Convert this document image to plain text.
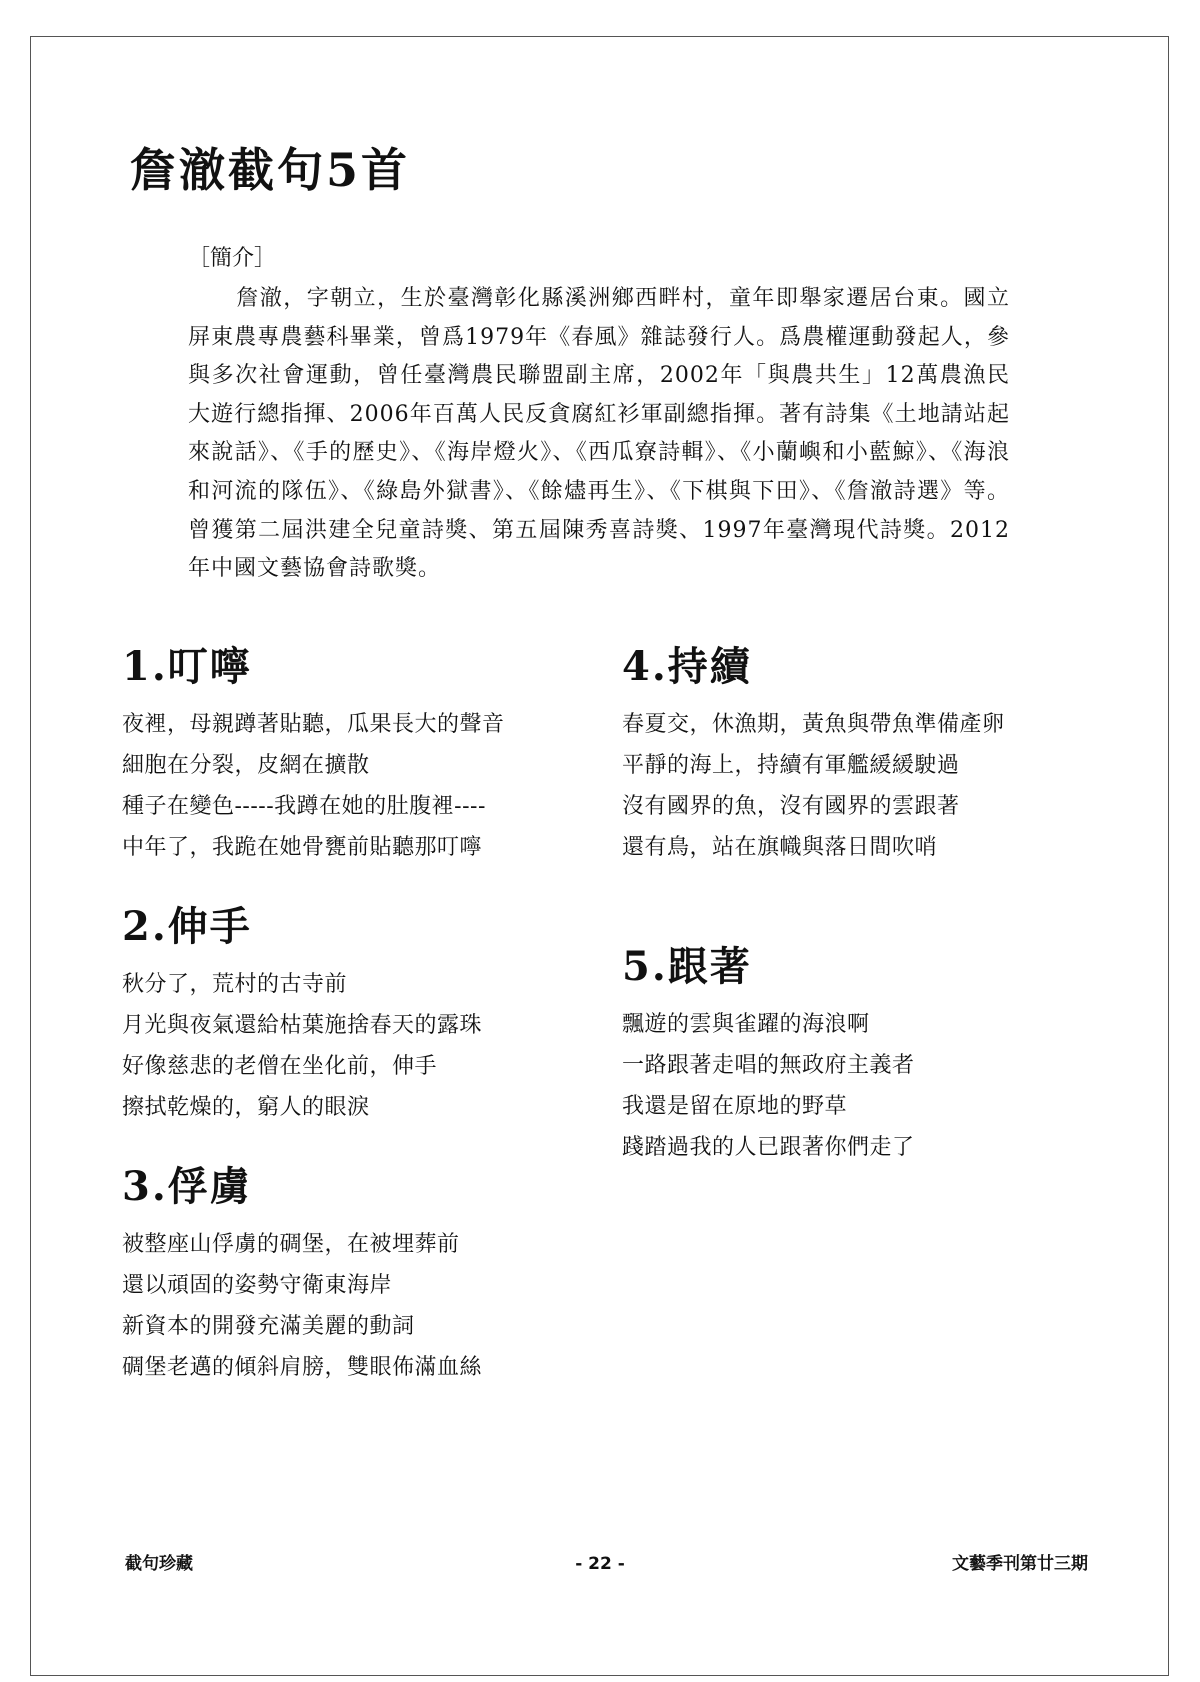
詹澈截句5首
［簡介］
詹澈，字朝立，生於臺灣彰化縣溪洲鄉西畔村，童年即舉家遷居台東。國立屏東農專農藝科畢業，曾爲1979年《春風》雜誌發行人。爲農權運動發起人，參與多次社會運動，曾任臺灣農民聯盟副主席，2002年「與農共生」12萬農漁民大遊行總指揮、2006年百萬人民反貪腐紅衫軍副總指揮。著有詩集《土地請站起來說話》、《手的歷史》、《海岸燈火》、《西瓜寮詩輯》、《小蘭嶼和小藍鯨》、《海浪和河流的隊伍》、《綠島外獄書》、《餘燼再生》、《下棋與下田》、《詹澈詩選》等。曾獲第二屆洪建全兒童詩獎、第五屆陳秀喜詩獎、1997年臺灣現代詩獎。2012年中國文藝協會詩歌獎。
1.叮嚀
夜裡，母親蹲著貼聽，瓜果長大的聲音
細胞在分裂，皮網在擴散
種子在變色-----我蹲在她的肚腹裡----
中年了，我跪在她骨甕前貼聽那叮嚀
2.伸手
秋分了，荒村的古寺前
月光與夜氣還給枯葉施捨春天的露珠
好像慈悲的老僧在坐化前，伸手
擦拭乾燥的，窮人的眼淚
3.俘虜
被整座山俘虜的碉堡，在被埋葬前
還以頑固的姿勢守衛東海岸
新資本的開發充滿美麗的動詞
碉堡老邁的傾斜肩膀，雙眼佈滿血絲
4.持續
春夏交，休漁期，黃魚與帶魚準備產卵
平靜的海上，持續有軍艦緩緩駛過
沒有國界的魚，沒有國界的雲跟著
還有鳥，站在旗幟與落日間吹哨
5.跟著
飄遊的雲與雀躍的海浪啊
一路跟著走唱的無政府主義者
我還是留在原地的野草
踐踏過我的人已跟著你們走了
截句珍藏	- 22 -	文藝季刊第廿三期
